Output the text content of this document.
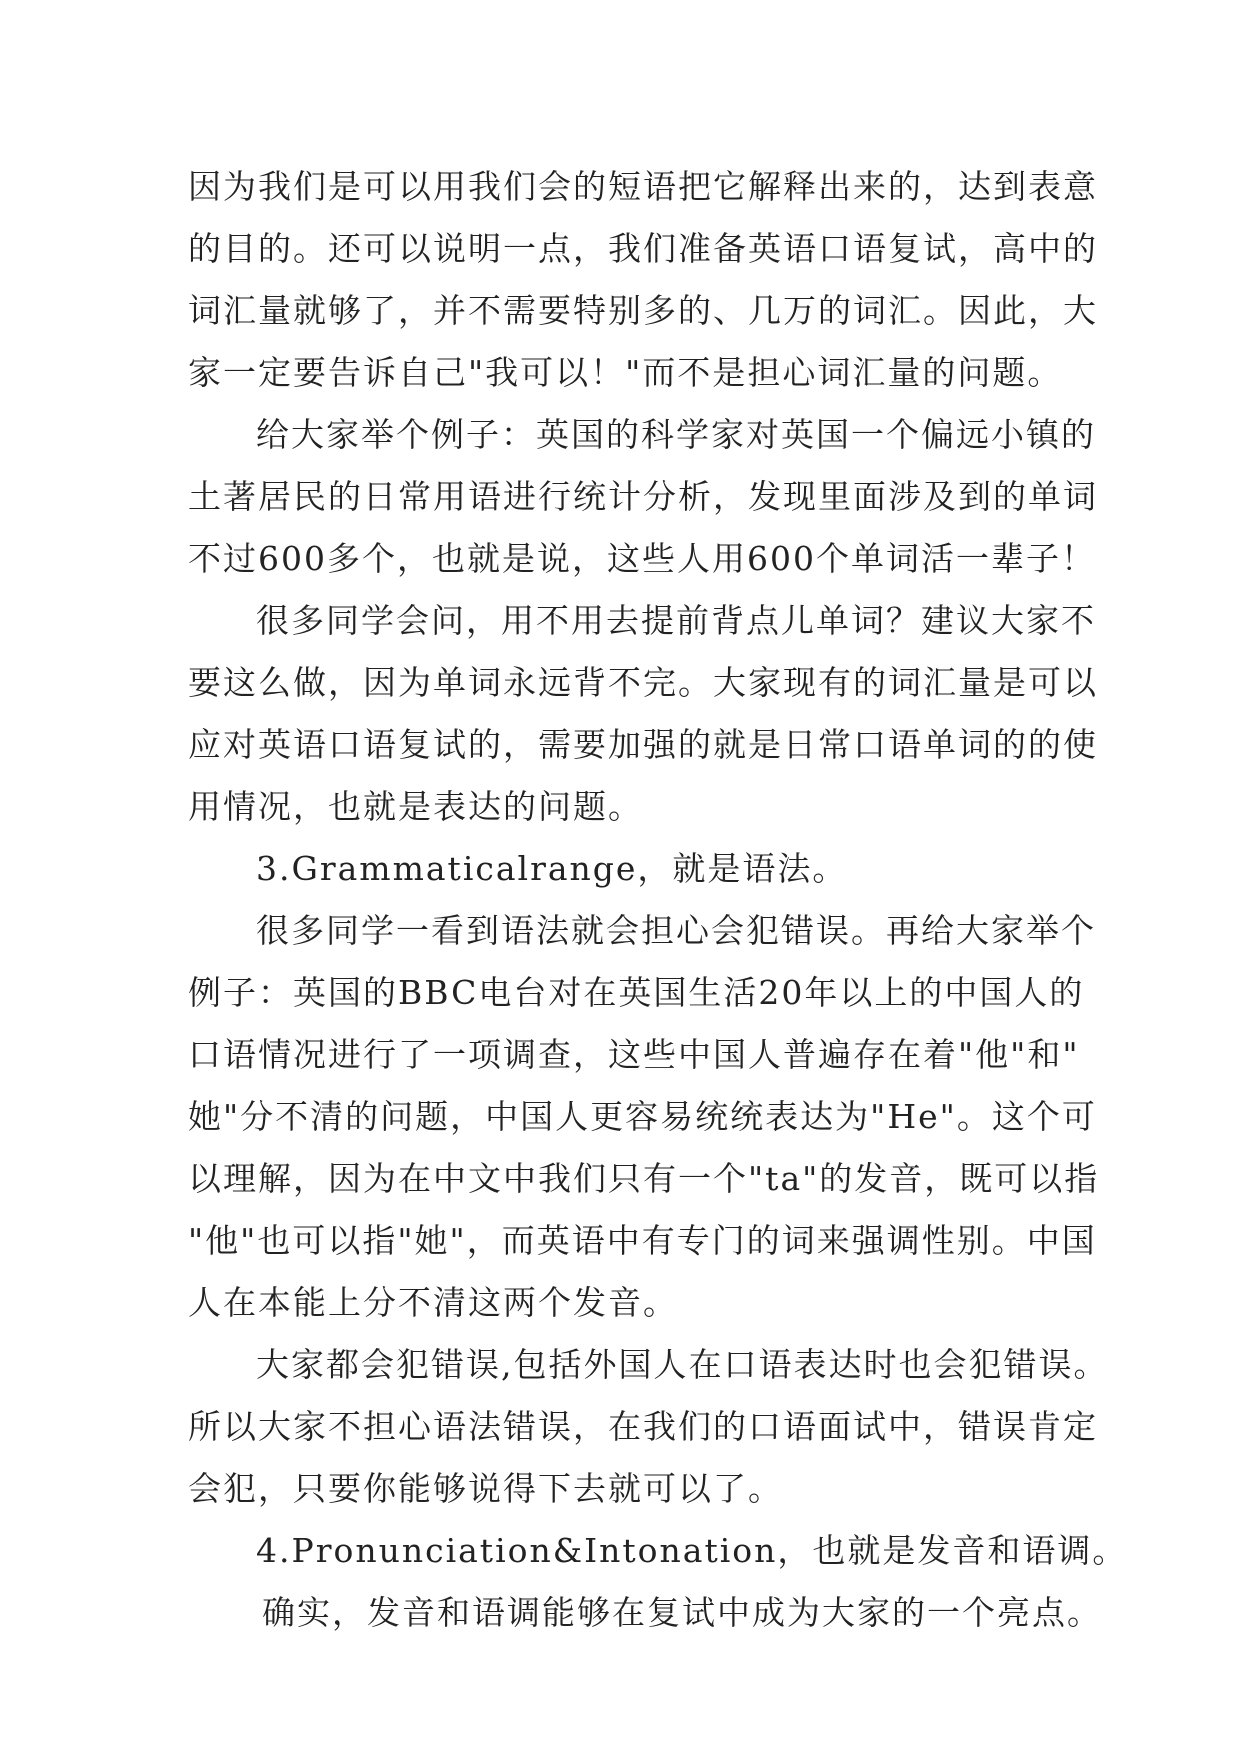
因为我们是可以用我们会的短语把它解释出来的，达到表意
的目的。还可以说明一点，我们准备英语口语复试，高中的
词汇量就够了，并不需要特别多的、几万的词汇。因此，大
家一定要告诉自己"我可以！"而不是担心词汇量的问题。
给大家举个例子：英国的科学家对英国一个偏远小镇的
土著居民的日常用语进行统计分析，发现里面涉及到的单词
不过600多个，也就是说，这些人用600个单词活一辈子！
很多同学会问，用不用去提前背点儿单词？建议大家不
要这么做，因为单词永远背不完。大家现有的词汇量是可以
应对英语口语复试的，需要加强的就是日常口语单词的的使
用情况，也就是表达的问题。
3.Grammaticalrange，就是语法。
很多同学一看到语法就会担心会犯错误。再给大家举个
例子：英国的BBC电台对在英国生活20年以上的中国人的
口语情况进行了一项调查，这些中国人普遍存在着"他"和"
她"分不清的问题，中国人更容易统统表达为"He"。这个可
以理解，因为在中文中我们只有一个"ta"的发音，既可以指
"他"也可以指"她"，而英语中有专门的词来强调性别。中国
人在本能上分不清这两个发音。
大家都会犯错误,包括外国人在口语表达时也会犯错误。
所以大家不担心语法错误，在我们的口语面试中，错误肯定
会犯，只要你能够说得下去就可以了。
4.Pronunciation&Intonation，也就是发音和语调。
确实，发音和语调能够在复试中成为大家的一个亮点。
